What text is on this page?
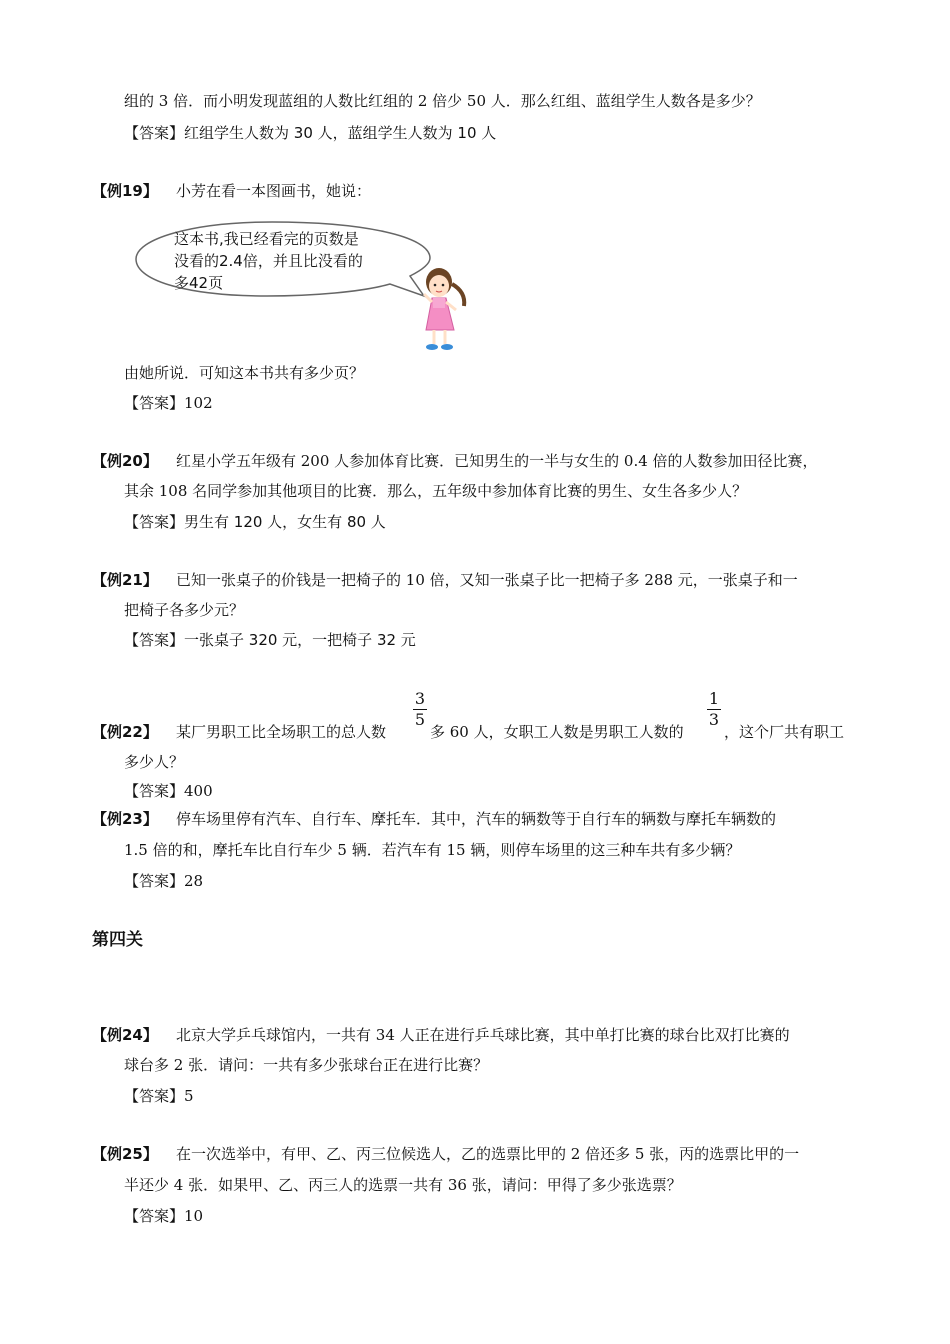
组的 3 倍．而小明发现蓝组的人数比红组的 2 倍少 50 人．那么红组、蓝组学生人数各是多少？
【答案】红组学生人数为 30 人，蓝组学生人数为 10 人
【例19】 小芳在看一本图画书，她说：
这本书,我已经看完的页数是
没看的2.4倍，并且比没看的
多42页
由她所说．可知这本书共有多少页？
【答案】102
【例20】 红星小学五年级有 200 人参加体育比赛．已知男生的一半与女生的 0.4 倍的人数参加田径比赛，
其余 108 名同学参加其他项目的比赛．那么，五年级中参加体育比赛的男生、女生各多少人？
【答案】男生有 120 人，女生有 80 人
【例21】 已知一张桌子的价钱是一把椅子的 10 倍，又知一张桌子比一把椅子多 288 元，一张桌子和一
把椅子各多少元？
【答案】一张桌子 320 元，一把椅子 32 元
【例22】 某厂男职工比全场职工的总人数
3
5
多 60 人，女职工人数是男职工人数的
1
3
，这个厂共有职工
多少人？
【答案】400
【例23】 停车场里停有汽车、自行车、摩托车．其中，汽车的辆数等于自行车的辆数与摩托车辆数的
1.5 倍的和，摩托车比自行车少 5 辆．若汽车有 15 辆，则停车场里的这三种车共有多少辆？
【答案】28
第四关
【例24】 北京大学乒乓球馆内，一共有 34 人正在进行乒乓球比赛，其中单打比赛的球台比双打比赛的
球台多 2 张．请问：一共有多少张球台正在进行比赛？
【答案】5
【例25】 在一次选举中，有甲、乙、丙三位候选人，乙的选票比甲的 2 倍还多 5 张，丙的选票比甲的一
半还少 4 张．如果甲、乙、丙三人的选票一共有 36 张，请问：甲得了多少张选票？
【答案】10
